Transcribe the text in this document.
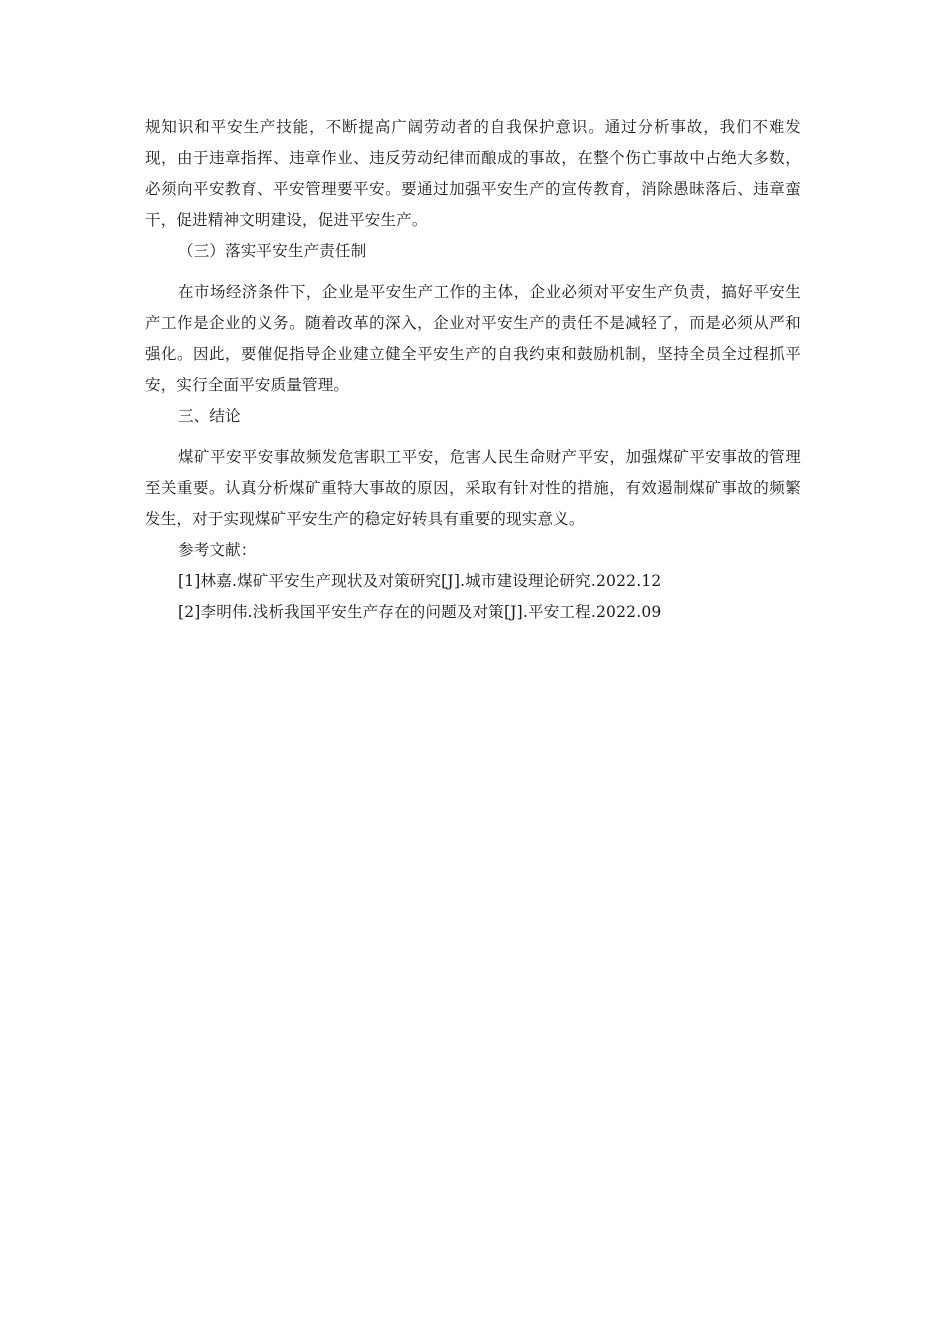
规知识和平安生产技能，不断提高广阔劳动者的自我保护意识。通过分析事故，我们不难发现，由于违章指挥、违章作业、违反劳动纪律而酿成的事故，在整个伤亡事故中占绝大多数，必须向平安教育、平安管理要平安。要通过加强平安生产的宣传教育，消除愚昧落后、违章蛮干，促进精神文明建设，促进平安生产。

（三）落实平安生产责任制

在市场经济条件下，企业是平安生产工作的主体，企业必须对平安生产负责，搞好平安生产工作是企业的义务。随着改革的深入，企业对平安生产的责任不是减轻了，而是必须从严和强化。因此，要催促指导企业建立健全平安生产的自我约束和鼓励机制，坚持全员全过程抓平安，实行全面平安质量管理。

三、结论

煤矿平安平安事故频发危害职工平安，危害人民生命财产平安，加强煤矿平安事故的管理至关重要。认真分析煤矿重特大事故的原因，采取有针对性的措施，有效遏制煤矿事故的频繁发生，对于实现煤矿平安生产的稳定好转具有重要的现实意义。

参考文献：

[1]林嘉.煤矿平安生产现状及对策研究[J].城市建设理论研究.2022.12

[2]李明伟.浅析我国平安生产存在的问题及对策[J].平安工程.2022.09
